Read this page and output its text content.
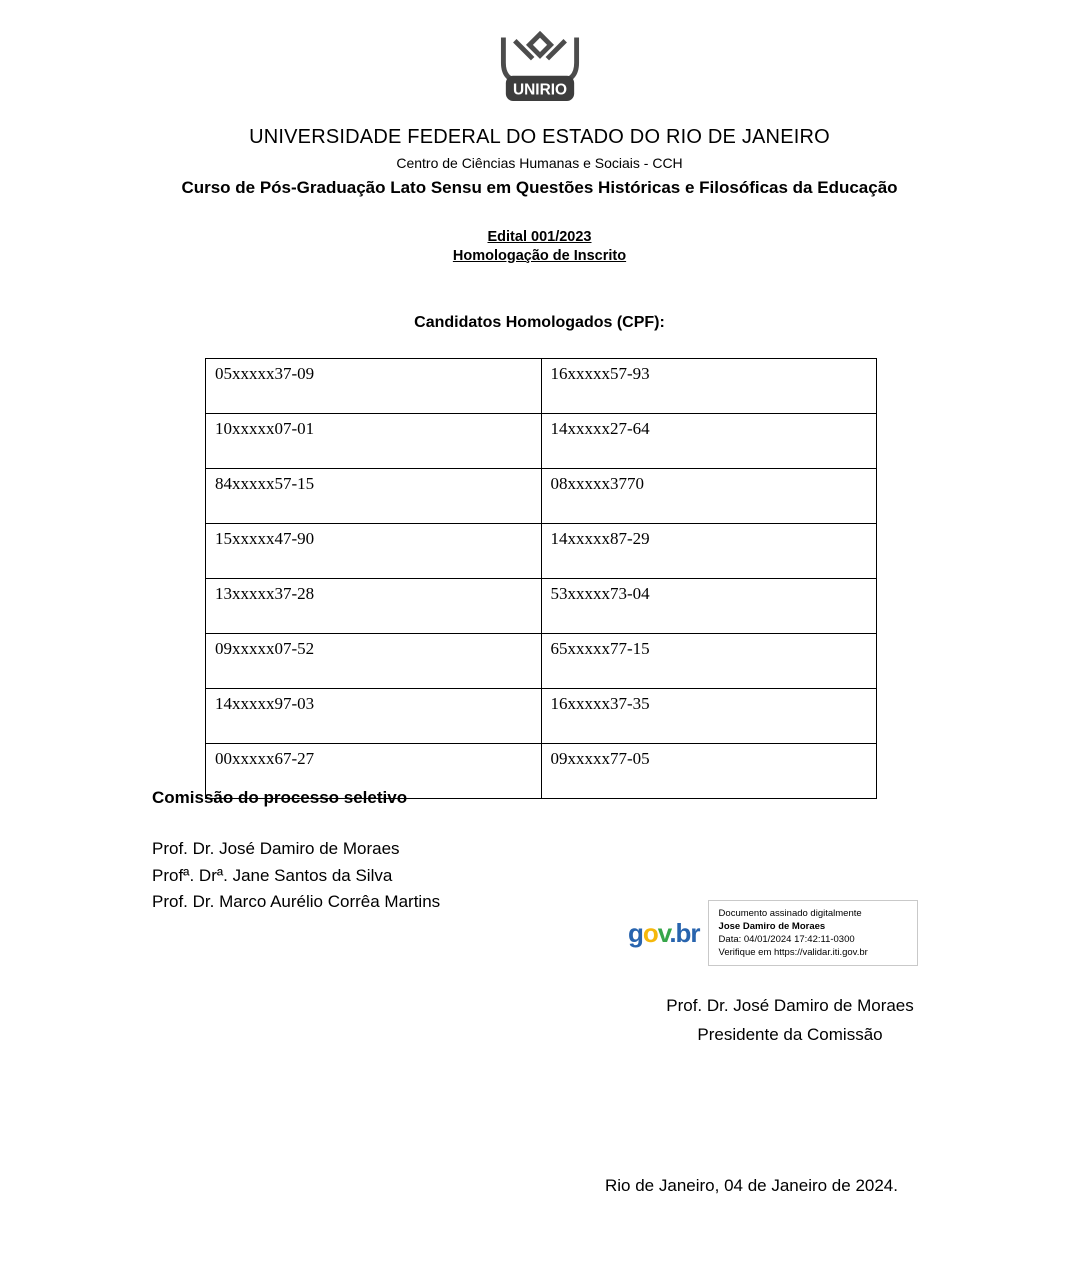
UNIRIO
UNIVERSIDADE FEDERAL DO ESTADO DO RIO DE JANEIRO
Centro de Ciências Humanas e Sociais - CCH
Curso de Pós-Graduação Lato Sensu em Questões Históricas e Filosóficas da Educação
Edital 001/2023
Homologação de Inscrito
Candidatos Homologados (CPF):
05xxxxx37-09	16xxxxx57-93
10xxxxx07-01	14xxxxx27-64
84xxxxx57-15	08xxxxx3770
15xxxxx47-90	14xxxxx87-29
13xxxxx37-28	53xxxxx73-04
09xxxxx07-52	65xxxxx77-15
14xxxxx97-03	16xxxxx37-35
00xxxxx67-27	09xxxxx77-05
Comissão do processo seletivo
Prof. Dr. José Damiro de Moraes
Profª. Drª. Jane Santos da Silva
Prof. Dr. Marco Aurélio Corrêa Martins
gov.br
Documento assinado digitalmente
Jose Damiro de Moraes
Data: 04/01/2024 17:42:11-0300
Verifique em https://validar.iti.gov.br
Prof. Dr. José Damiro de Moraes
Presidente da Comissão
Rio de Janeiro, 04 de Janeiro de 2024.
